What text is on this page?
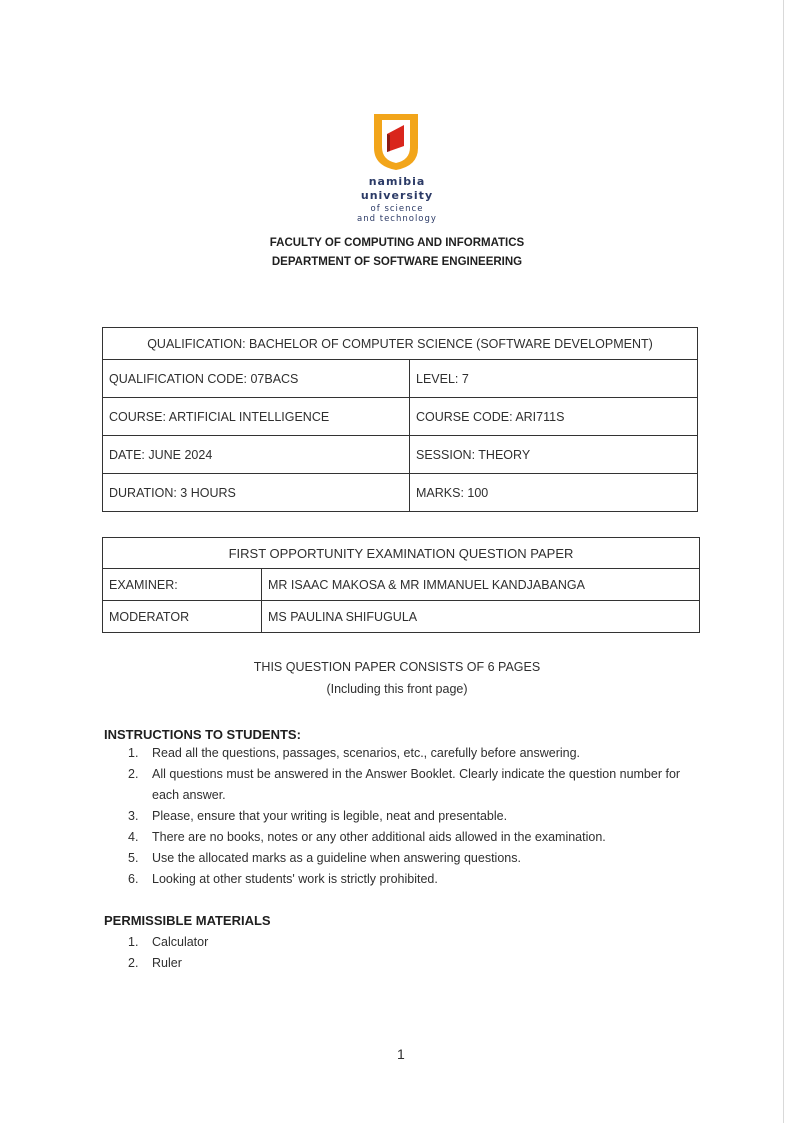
namibia
university
of science
and technology
FACULTY OF COMPUTING AND INFORMATICS
DEPARTMENT OF SOFTWARE ENGINEERING
QUALIFICATION: BACHELOR OF COMPUTER SCIENCE (SOFTWARE DEVELOPMENT)	
QUALIFICATION CODE: 07BACS	LEVEL: 7
COURSE: ARTIFICIAL INTELLIGENCE	COURSE CODE: ARI711S
DATE: JUNE 2024	SESSION: THEORY
DURATION: 3 HOURS	MARKS: 100
FIRST OPPORTUNITY EXAMINATION QUESTION PAPER	
EXAMINER:	MR ISAAC MAKOSA & MR IMMANUEL KANDJABANGA
MODERATOR	MS PAULINA SHIFUGULA
THIS QUESTION PAPER CONSISTS OF 6 PAGES
(Including this front page)
INSTRUCTIONS TO STUDENTS:
1. Read all the questions, passages, scenarios, etc., carefully before answering.
2. All questions must be answered in the Answer Booklet. Clearly indicate the question number for each answer.
3. Please, ensure that your writing is legible, neat and presentable.
4. There are no books, notes or any other additional aids allowed in the examination.
5. Use the allocated marks as a guideline when answering questions.
6. Looking at other students' work is strictly prohibited.
PERMISSIBLE MATERIALS
1. Calculator
2. Ruler
1
